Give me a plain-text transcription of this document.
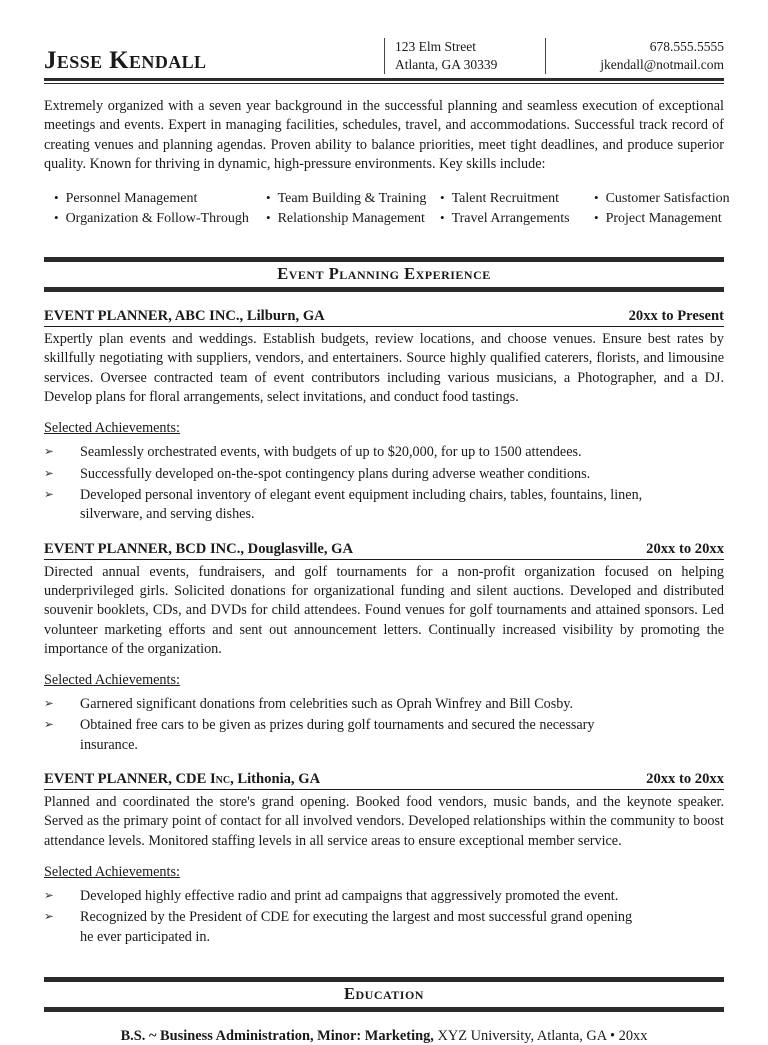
Jesse Kendall
123 Elm Street
Atlanta, GA 30339
678.555.5555
jkendall@notmail.com
Extremely organized with a seven year background in the successful planning and seamless execution of exceptional meetings and events. Expert in managing facilities, schedules, travel, and accommodations. Successful track record of creating venues and planning agendas. Proven ability to balance priorities, meet tight deadlines, and produce superior quality. Known for thriving in dynamic, high-pressure environments. Key skills include:
• Personnel Management	• Team Building & Training • Talent Recruitment	• Customer Satisfaction
• Organization & Follow-Through • Relationship Management • Travel Arrangements • Project Management
Event Planning Experience
EVENT PLANNER, ABC INC., Lilburn, GA	20xx to Present
Expertly plan events and weddings. Establish budgets, review locations, and choose venues. Ensure best rates by skillfully negotiating with suppliers, vendors, and entertainers. Source highly qualified caterers, florists, and limousine services. Oversee contracted team of event contributors including various musicians, a Photographer, and a DJ. Develop plans for floral arrangements, select invitations, and conduct food tastings.
Selected Achievements:
➢	Seamlessly orchestrated events, with budgets of up to $20,000, for up to 1500 attendees.
➢	Successfully developed on-the-spot contingency plans during adverse weather conditions.
➢	Developed personal inventory of elegant event equipment including chairs, tables, fountains, linen, silverware, and serving dishes.
EVENT PLANNER, BCD INC., Douglasville, GA	20xx to 20xx
Directed annual events, fundraisers, and golf tournaments for a non-profit organization focused on helping underprivileged girls. Solicited donations for organizational funding and silent auctions. Developed and distributed souvenir booklets, CDs, and DVDs for child attendees. Found venues for golf tournaments and attained sponsors. Led volunteer marketing efforts and sent out announcement letters. Continually increased visibility by promoting the importance of the organization.
Selected Achievements:
➢	Garnered significant donations from celebrities such as Oprah Winfrey and Bill Cosby.
➢	Obtained free cars to be given as prizes during golf tournaments and secured the necessary insurance.
EVENT PLANNER, CDE Inc, Lithonia, GA	20xx to 20xx
Planned and coordinated the store's grand opening. Booked food vendors, music bands, and the keynote speaker. Served as the primary point of contact for all involved vendors. Developed relationships within the community to boost attendance levels. Monitored staffing levels in all service areas to ensure exceptional member service.
Selected Achievements:
➢	Developed highly effective radio and print ad campaigns that aggressively promoted the event.
➢	Recognized by the President of CDE for executing the largest and most successful grand opening he ever participated in.
Education
B.S. ~ Business Administration, Minor: Marketing, XYZ University, Atlanta, GA • 20xx
